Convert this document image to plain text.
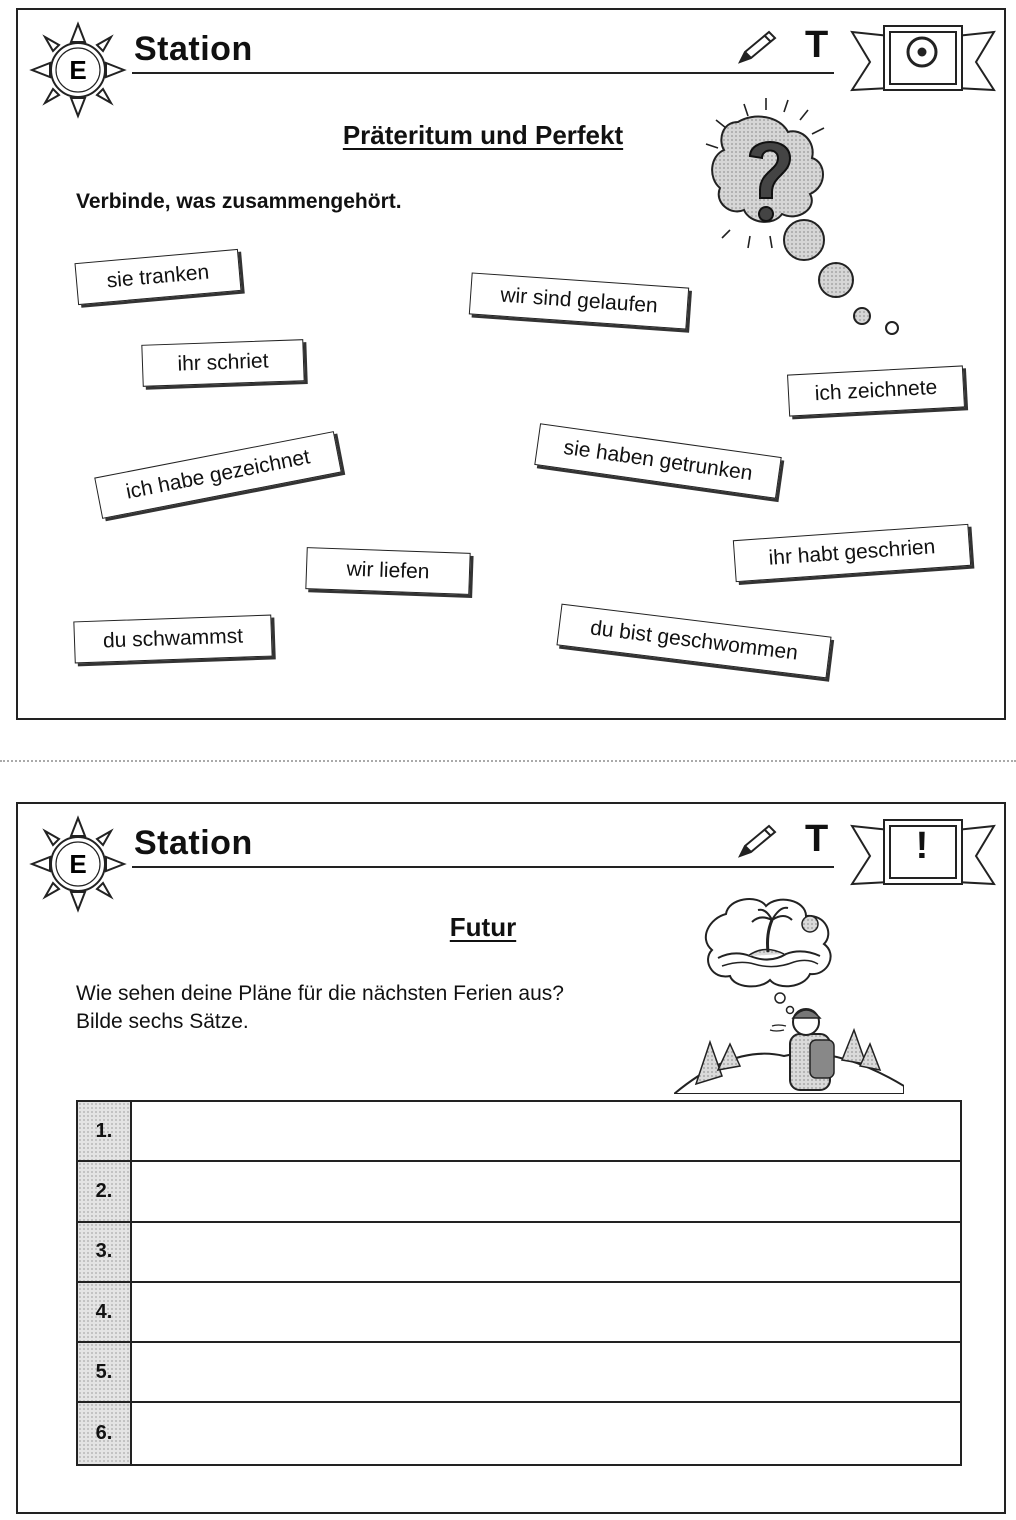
E
Station	T
Präteritum und Perfekt
Verbinde, was zusammengehört.
sie tranken
wir sind gelaufen
ihr schriet
ich zeichnete
ich habe gezeichnet	sie haben getrunken
wir liefen
ihr habt geschrien
du schwammst	du bist geschwommen
E
Station	T	!
Futur
Wie sehen deine Pläne für die nächsten Ferien aus?
Bilde sechs Sätze.
1.
2.
3.
4.
5.
6.
